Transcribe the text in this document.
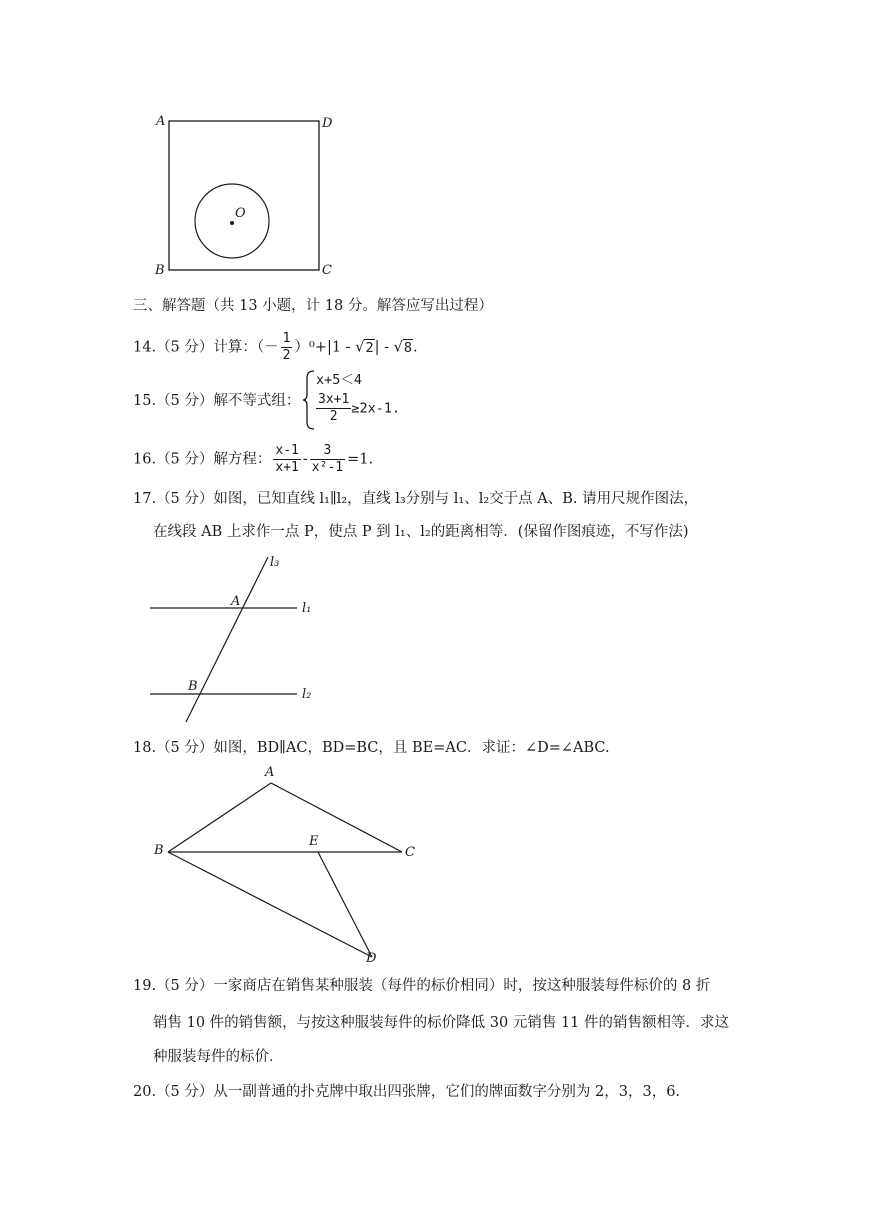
A	D
B	C
O
三、解答题（共 13 小题，计 18 分。解答应写出过程）
14.（5 分）计算：（－ $\frac{1}{2} )^0+|1 - √2| - √8$.
15.（5 分）解不等式组：
x+5＜4
$\frac{3x+1}{2} \ge 2x-1$.
16.（5 分）解方程： $\frac{x-1}{x+1} - \frac{3}{\text{x²-1}} =1$.
17.（5 分）如图，已知直线 l₁∥l₂，直线 l₃分别与 l₁、l₂交于点 A、B. 请用尺规作图法，
在线段 AB 上求作一点 P，使点 P 到 l₁、l₂的距离相等．(保留作图痕迹，不写作法)
l₃
l₁
l₂
A
B
18.（5 分）如图，BD∥AC，BD=BC，且 BE=AC．求证：∠D=∠ABC.
A
B
E
C
D
19.（5 分）一家商店在销售某种服装（每件的标价相同）时，按这种服装每件标价的 8 折
销售 10 件的销售额，与按这种服装每件的标价降低 30 元销售 11 件的销售额相等．求这
种服装每件的标价．
20.（5 分）从一副普通的扑克牌中取出四张牌，它们的牌面数字分别为 2，3，3，6.
